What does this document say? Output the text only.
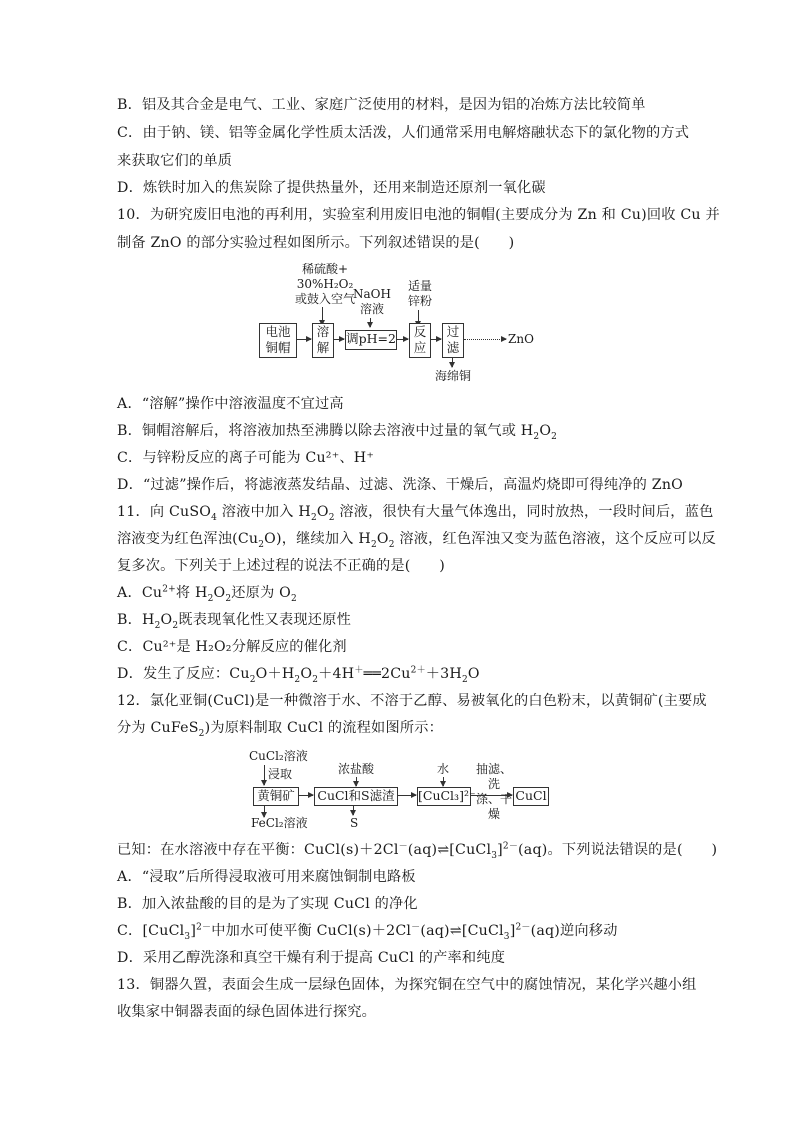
B．铝及其合金是电气、工业、家庭广泛使用的材料，是因为铝的冶炼方法比较简单
C．由于钠、镁、铝等金属化学性质太活泼，人们通常采用电解熔融状态下的氯化物的方式
来获取它们的单质
D．炼铁时加入的焦炭除了提供热量外，还用来制造还原剂一氧化碳
10．为研究废旧电池的再利用，实验室利用废旧电池的铜帽(主要成分为 Zn 和 Cu)回收 Cu 并
制备 ZnO 的部分实验过程如图所示。下列叙述错误的是(　　)
稀硫酸+
30%H₂O₂
或鼓入空气
NaOH
溶液
适量
锌粉
电池
铜帽
溶
解
调pH=2 反
应
过
滤
ZnO
海绵铜
A．“溶解”操作中溶液温度不宜过高
B．铜帽溶解后，将溶液加热至沸腾以除去溶液中过量的氧气或 $H_2O_2$
C．与锌粉反应的离子可能为 Cu²⁺、H⁺
D．“过滤”操作后，将滤液蒸发结晶、过滤、洗涤、干燥后，高温灼烧即可得纯净的 ZnO
11．向 CuSO$_4$ 溶液中加入 $H_2O_2$ 溶液，很快有大量气体逸出，同时放热，一段时间后，蓝色
溶液变为红色浑浊$(Cu_2O)$，继续加入 $H_2O_2$ 溶液，红色浑浊又变为蓝色溶液，这个反应可以反
复多次。下列关于上述过程的说法不正确的是(　　)
A．$Cu^{2+}$将 $H_2O_2$还原为 $O_2$
B．$H_2O_2$既表现氧化性又表现还原性
C．Cu²⁺是 H₂O₂分解反应的催化剂
D．发生了反应：$Cu_2O+H_2O_2+4H^+══2Cu^{2+}+3H_2O$
12．氯化亚铜(CuCl)是一种微溶于水、不溶于乙醇、易被氧化的白色粉末，以黄铜矿(主要成
分为 CuFeS$_2$)为原料制取 CuCl 的流程如图所示：
CuCl₂溶液
浸取	浓盐酸	水	抽滤、洗
涤、干燥
黄铜矿	CuCl和S滤渣 [CuCl₃]²⁻	CuCl
FeCl₂溶液	S
已知：在水溶液中存在平衡：CuCl(s)＋2Cl－(aq)⇌[CuCl$_3$]$^{2-}$(aq)。下列说法错误的是(　　)
A．“浸取”后所得浸取液可用来腐蚀铜制电路板
B．加入浓盐酸的目的是为了实现 CuCl 的净化
C．[CuCl$_3$]$^{2-}$中加水可使平衡 CuCl(s)＋2Cl－(aq)⇌[CuCl$_3$]$^{2-}$(aq)逆向移动
D．采用乙醇洗涤和真空干燥有利于提高 CuCl 的产率和纯度
13．铜器久置，表面会生成一层绿色固体，为探究铜在空气中的腐蚀情况，某化学兴趣小组
收集家中铜器表面的绿色固体进行探究。
